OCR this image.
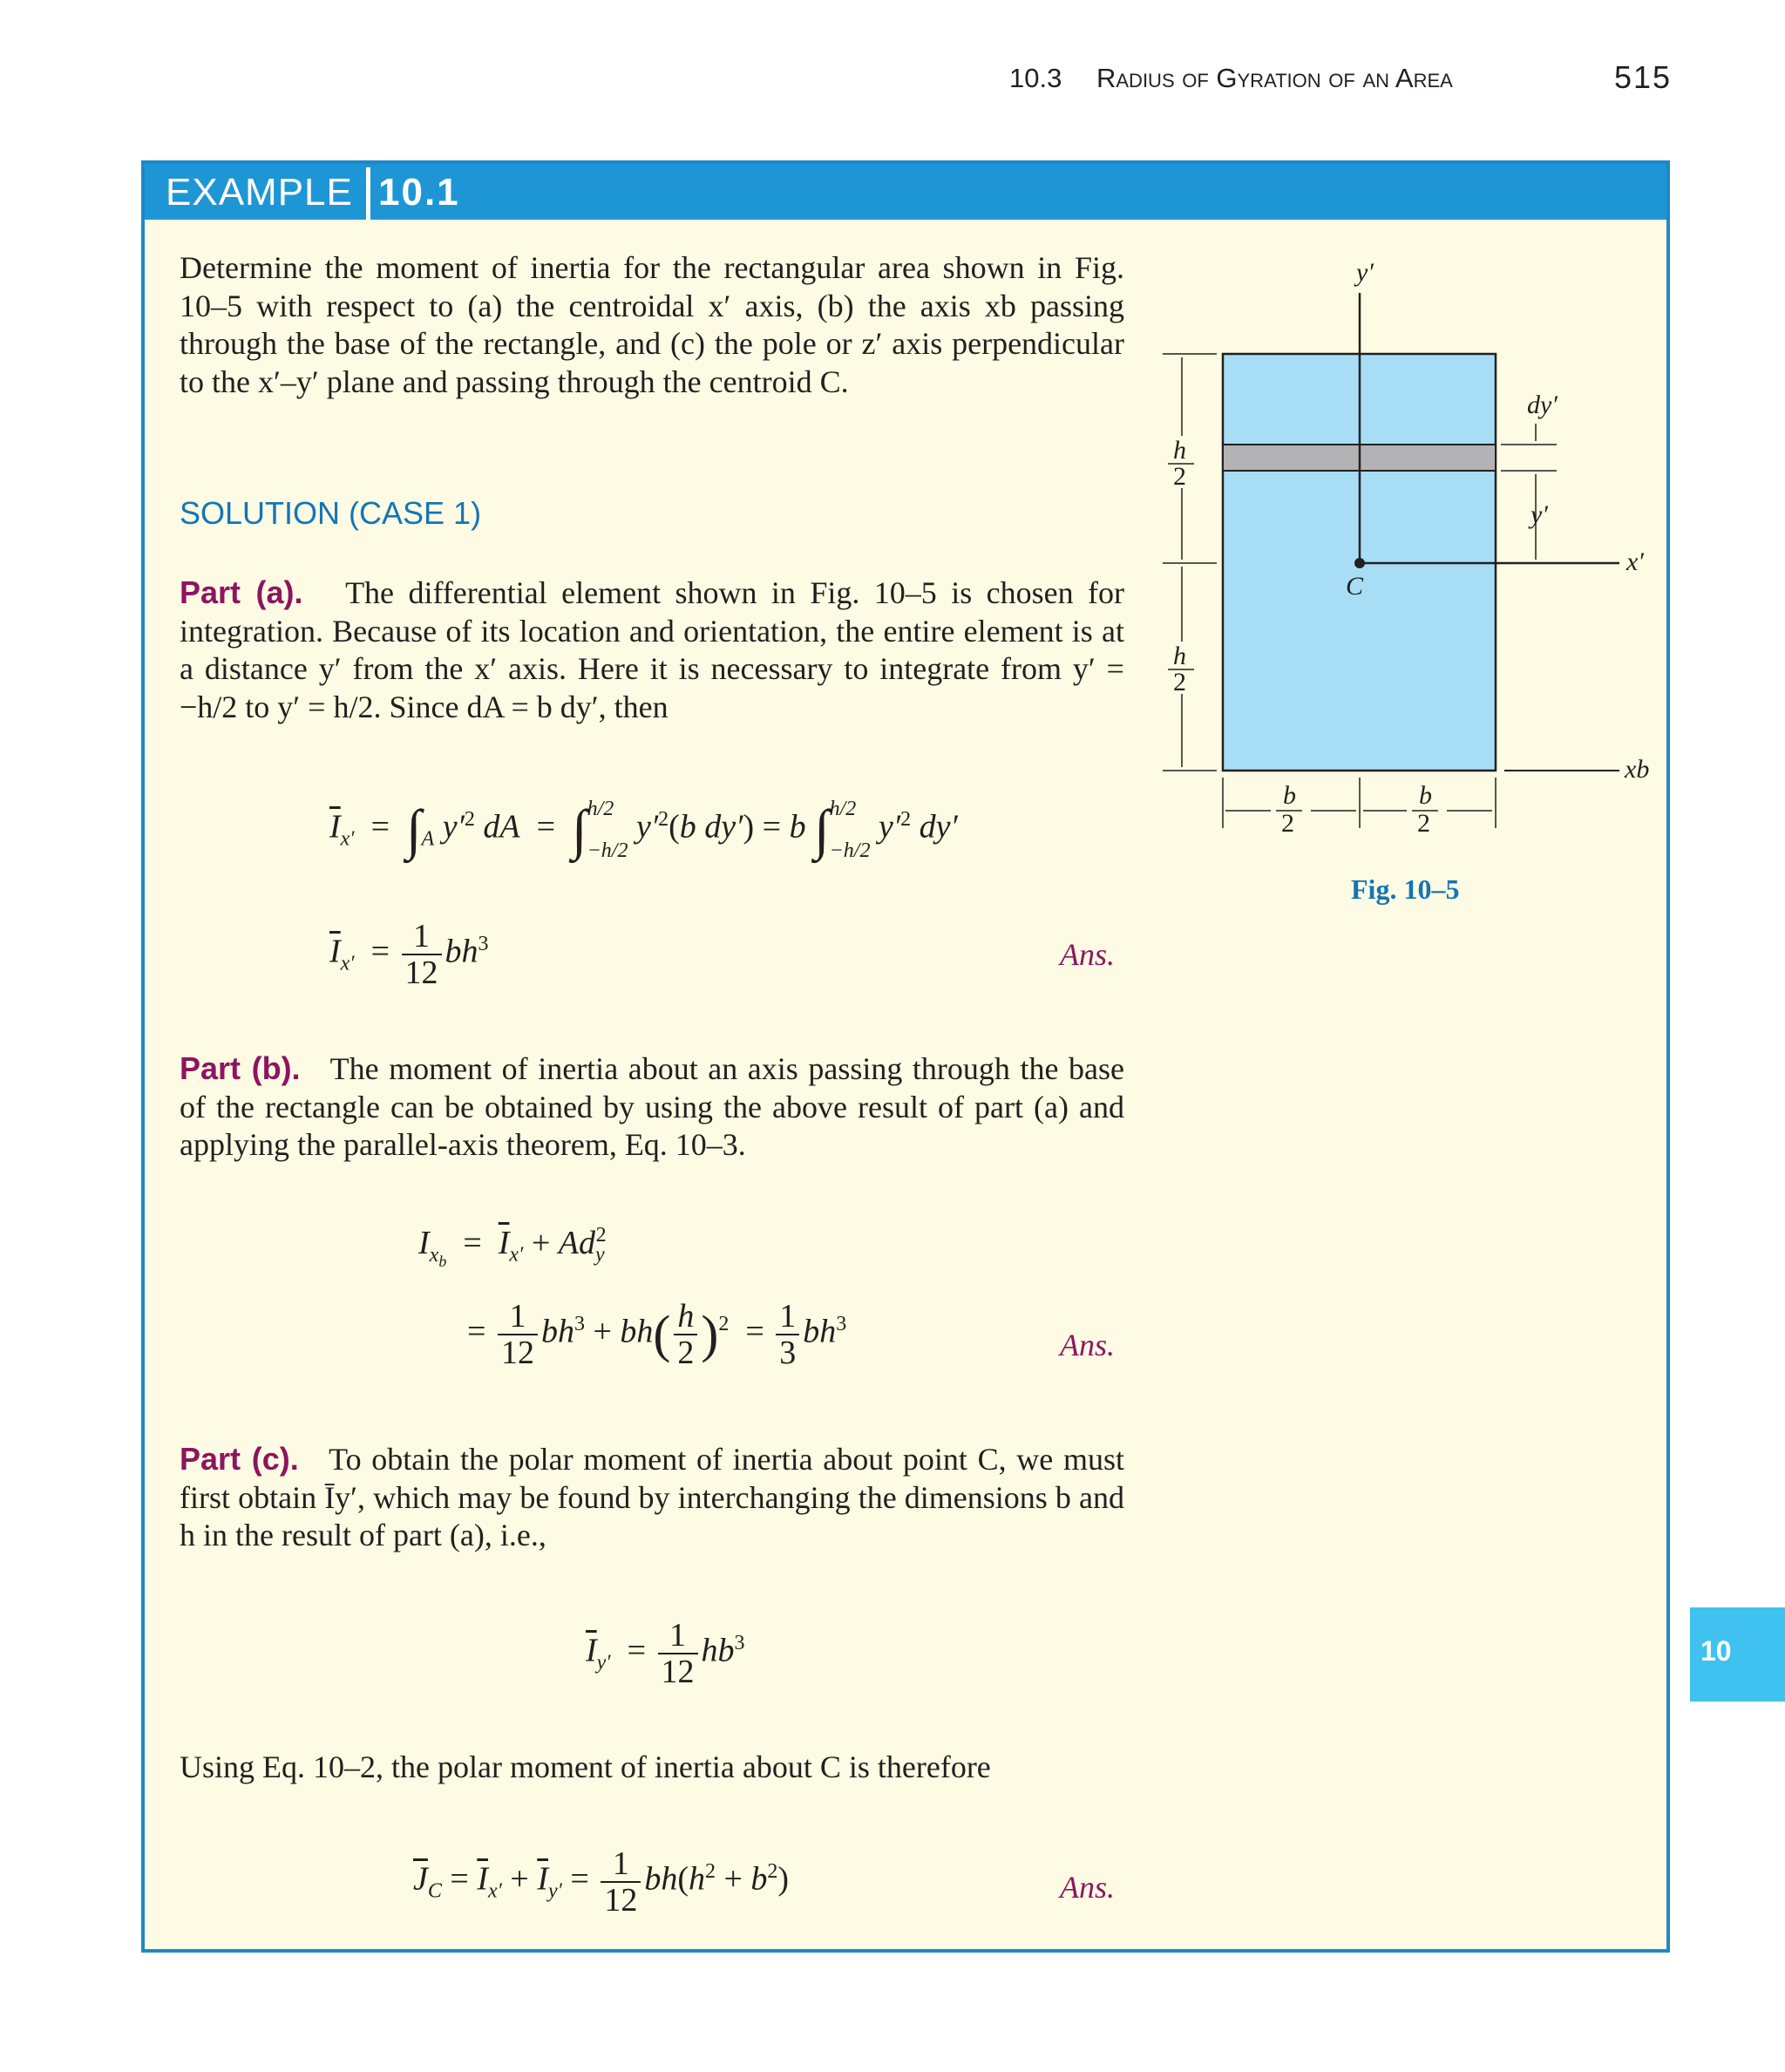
10.3 Radius of Gyration of an Area	515
EXAMPLE 10.1
Determine the moment of inertia for the rectangular area shown in Fig. 10–5 with respect to (a) the centroidal x′ axis, (b) the axis xb passing through the base of the rectangle, and (c) the pole or z′ axis perpendicular to the x′–y′ plane and passing through the centroid C.
SOLUTION (CASE 1)
Part (a). The differential element shown in Fig. 10–5 is chosen for integration. Because of its location and orientation, the entire element is at a distance y′ from the x′ axis. Here it is necessary to integrate from y′ = −h/2 to y′ = h/2. Since dA = b dy′, then
$\overline{I}_{x'} = \int_A$ $y'^2$ dA  =  ∫ h/2
−h/2
$y'^2(b$ dy′) = b ∫ h/2
−h/2
$y'^2$ dy′
$\overline{I}_{x'} = \frac{1}{12} bh^3$	Ans.
Part (b). The moment of inertia about an axis passing through the base of the rectangle can be obtained by using the above result of part (a) and applying the parallel-axis theorem, Eq. 10–3.
$I_{x_b} = \overline{I}_{x'} + Ad_y^2$
= $\frac{1}{12} bh^3 + bh( \frac{h}{2} )^2 = \frac{1}{3} bh^3$
Ans.
Part (c). To obtain the polar moment of inertia about point C, we must first obtain Īy′, which may be found by interchanging the dimensions b and h in the result of part (a), i.e.,
$\overline{I}_{y'} = \frac{1}{12} hb^3$
Using Eq. 10–2, the polar moment of inertia about C is therefore
$\overline{J}_C = \overline{I}_{x'} + \overline{I}_{y'} = \frac{1}{12} bh(h^2 + b^2)$	Ans.
y′
x′
C
xb
h
2
h
2
dy′
y′
b
2
b
2
Fig. 10–5
10
